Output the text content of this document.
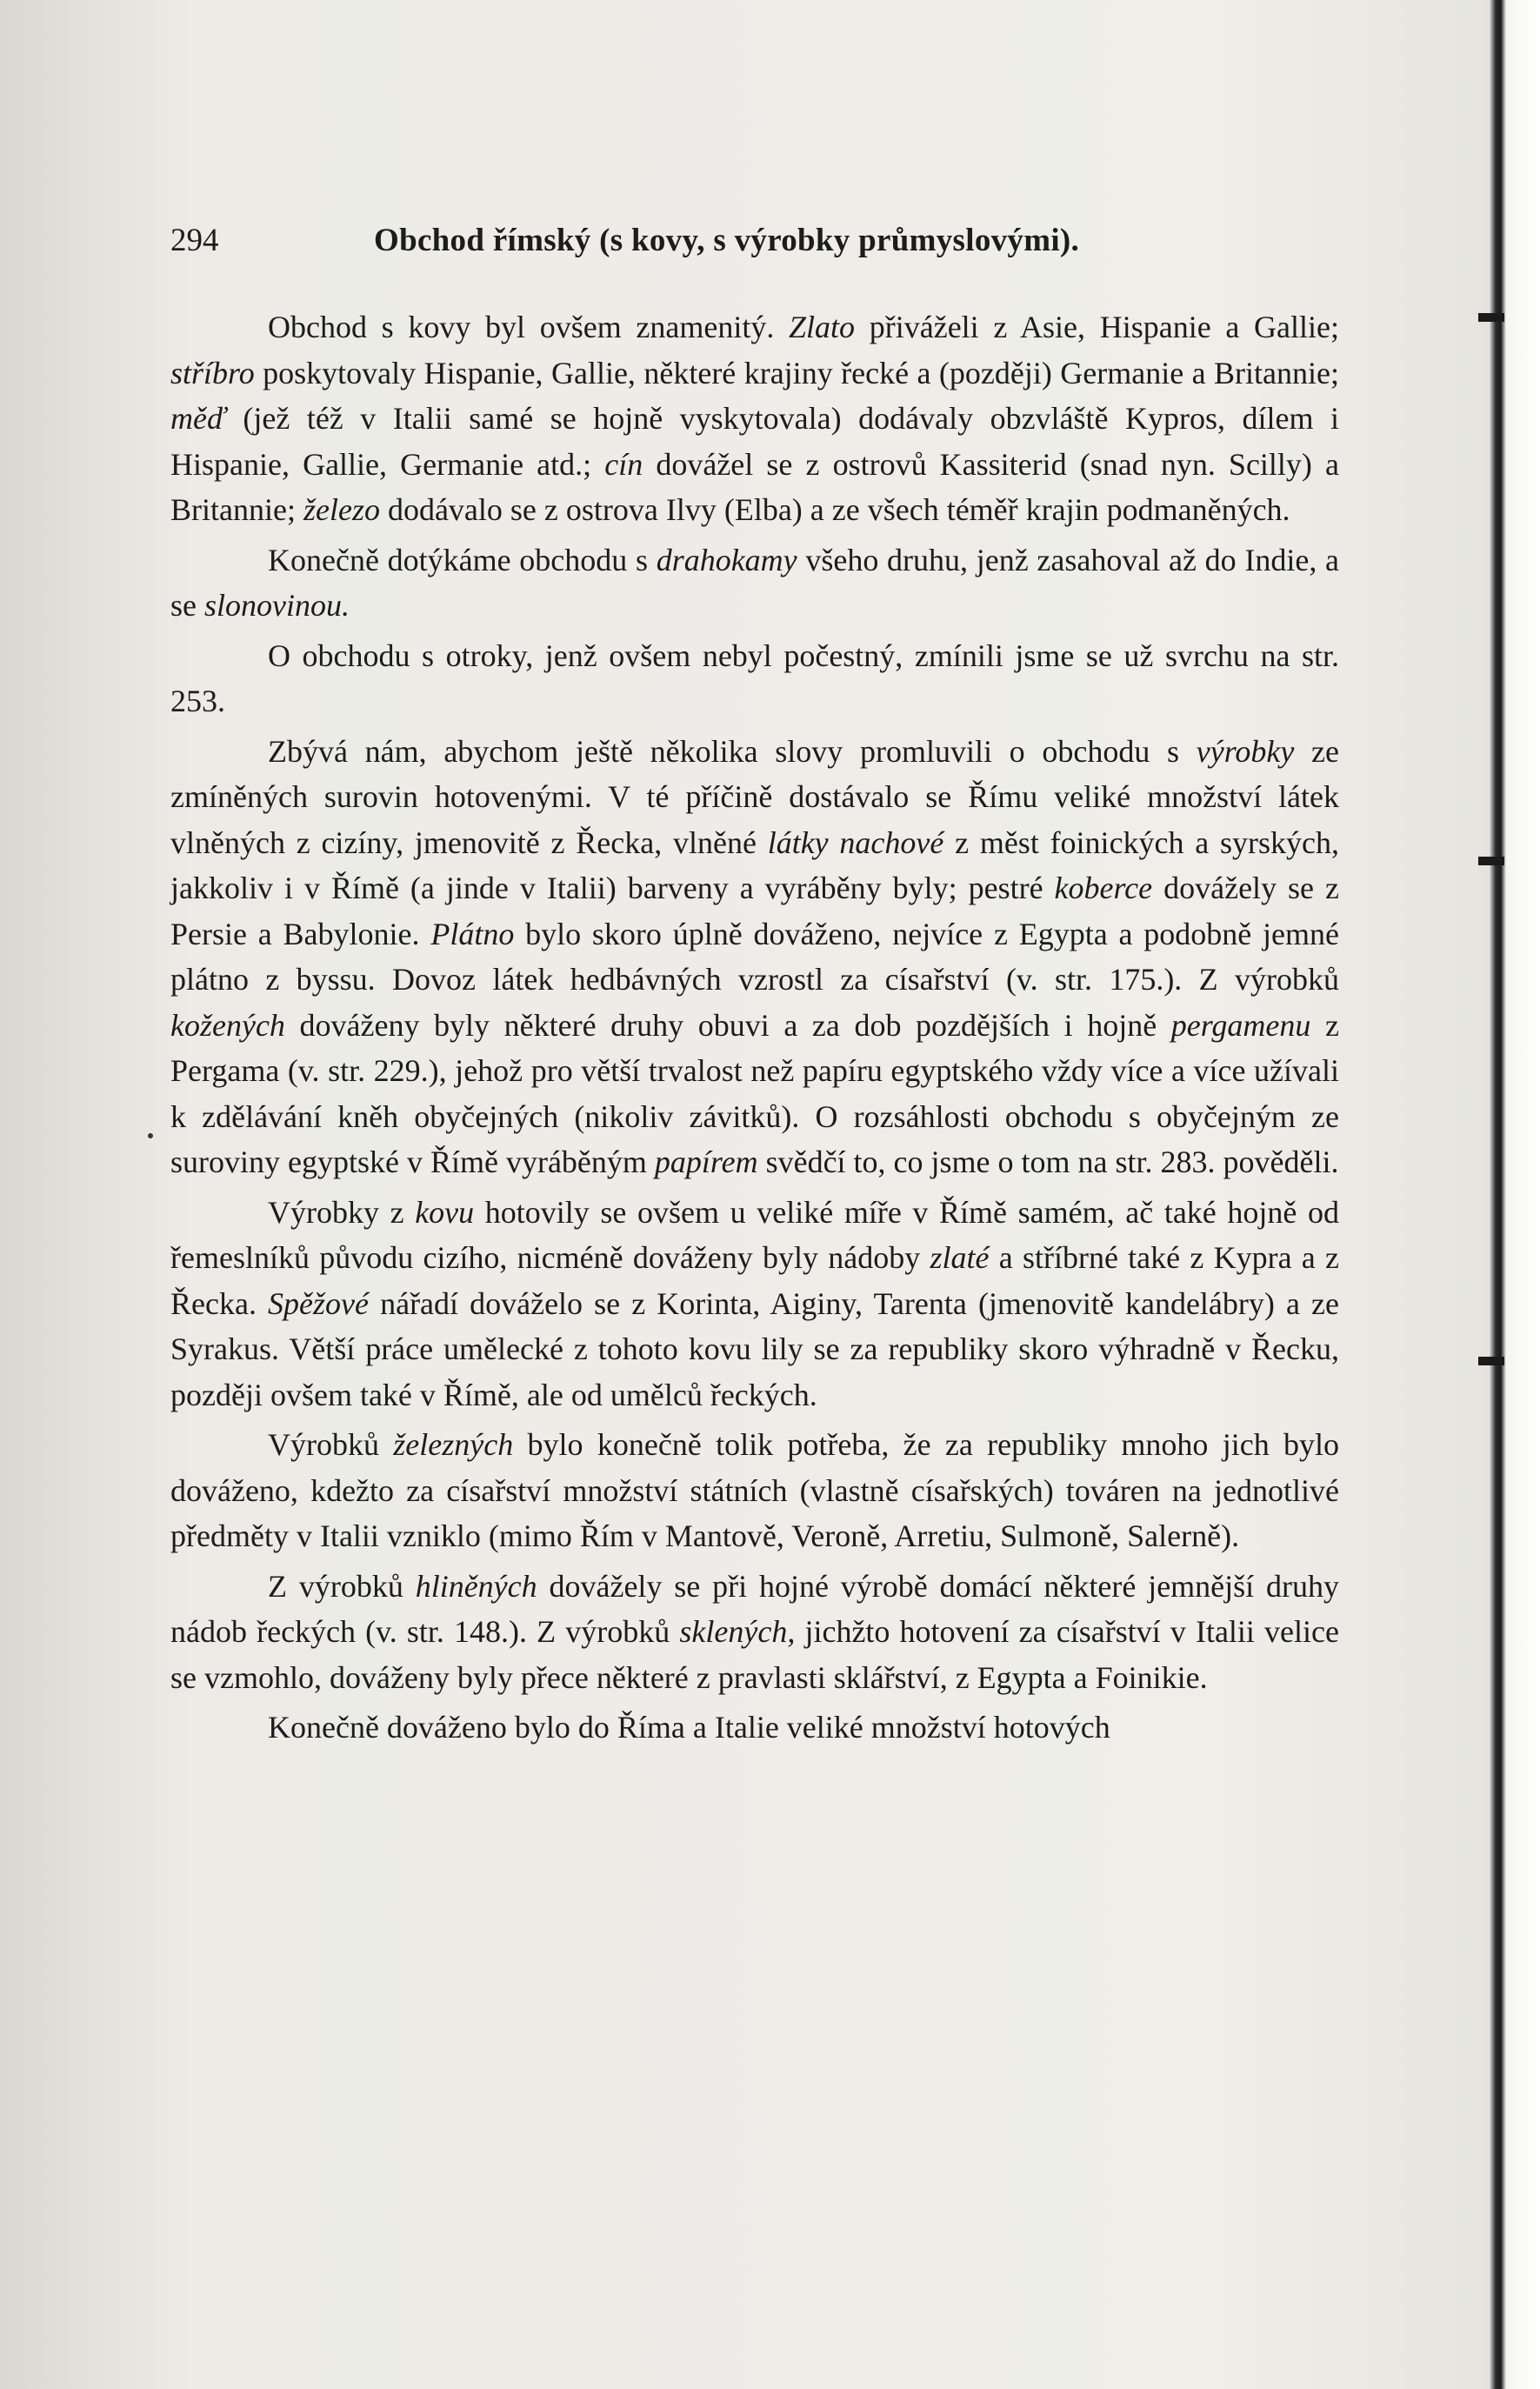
294	Obchod římský (s kovy, s výrobky průmyslovými).

Obchod s kovy byl ovšem znamenitý. Zlato přiváželi z Asie, Hispanie a Gallie; stříbro poskytovaly Hispanie, Gallie, některé krajiny řecké a (později) Germanie a Britannie; měď (jež též v Italii samé se hojně vyskytovala) dodávaly obzvláště Kypros, dílem i Hispanie, Gallie, Germanie atd.; cín dovážel se z ostrovů Kassiterid (snad nyn. Scilly) a Britannie; železo dodávalo se z ostrova Ilvy (Elba) a ze všech téměř krajin podmaněných.

Konečně dotýkáme obchodu s drahokamy všeho druhu, jenž zasahoval až do Indie, a se slonovinou.

O obchodu s otroky, jenž ovšem nebyl počestný, zmínili jsme se už svrchu na str. 253.

Zbývá nám, abychom ještě několika slovy promluvili o obchodu s výrobky ze zmíněných surovin hotovenými. V té příčině dostávalo se Římu veliké množství látek vlněných z cizíny, jmenovitě z Řecka, vlněné látky nachové z měst foinických a syrských, jakkoliv i v Římě (a jinde v Italii) barveny a vyráběny byly; pestré koberce dovážely se z Persie a Babylonie. Plátno bylo skoro úplně dováženo, nejvíce z Egypta a podobně jemné plátno z byssu. Dovoz látek hedbávných vzrostl za císařství (v. str. 175.). Z výrobků kožených dováženy byly některé druhy obuvi a za dob pozdějších i hojně pergamenu z Pergama (v. str. 229.), jehož pro větší trvalost než papíru egyptského vždy více a více užívali k zdělávání kněh obyčejných (nikoliv závitků). O rozsáhlosti obchodu s obyčejným ze suroviny egyptské v Římě vyráběným papírem svědčí to, co jsme o tom na str. 283. pověděli.

Výrobky z kovu hotovily se ovšem u veliké míře v Římě samém, ač také hojně od řemeslníků původu cizího, nicméně dováženy byly nádoby zlaté a stříbrné také z Kypra a z Řecka. Spěžové nářadí dováželo se z Korinta, Aiginy, Tarenta (jmenovitě kandelábry) a ze Syrakus. Větší práce umělecké z tohoto kovu lily se za republiky skoro výhradně v Řecku, později ovšem také v Římě, ale od umělců řeckých.

Výrobků železných bylo konečně tolik potřeba, že za republiky mnoho jich bylo dováženo, kdežto za císařství množství státních (vlastně císařských) továren na jednotlivé předměty v Italii vzniklo (mimo Řím v Mantově, Veroně, Arretiu, Sulmoně, Salerně).

Z výrobků hliněných dovážely se při hojné výrobě domácí některé jemnější druhy nádob řeckých (v. str. 148.). Z výrobků sklených, jichžto hotovení za císařství v Italii velice se vzmohlo, dováženy byly přece některé z pravlasti sklářství, z Egypta a Foinikie.

Konečně dováženo bylo do Říma a Italie veliké množství hotových
